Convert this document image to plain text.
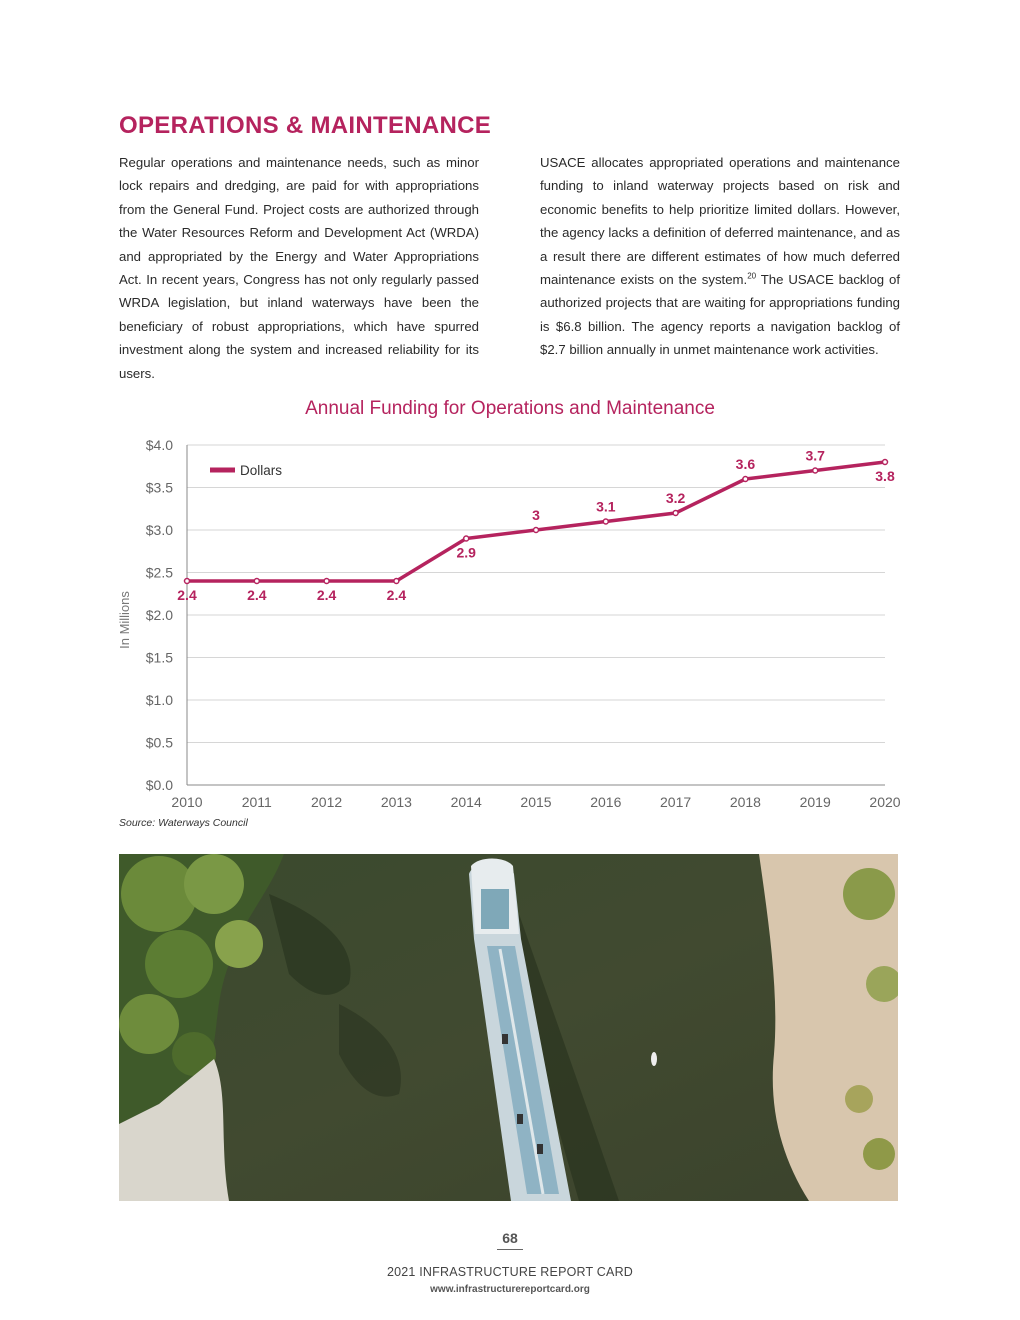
OPERATIONS & MAINTENANCE

Regular operations and maintenance needs, such as minor lock repairs and dredging, are paid for with appropriations from the General Fund. Project costs are authorized through the Water Resources Reform and Development Act (WRDA) and appropriated by the Energy and Water Appropriations Act. In recent years, Congress has not only regularly passed WRDA legislation, but inland waterways have been the beneficiary of robust appropriations, which have spurred investment along the system and increased reliability for its users.

USACE allocates appropriated operations and maintenance funding to inland waterway projects based on risk and economic benefits to help prioritize limited dollars. However, the agency lacks a definition of deferred maintenance, and as a result there are different estimates of how much deferred maintenance exists on the system.$^{20}$ The USACE backlog of authorized projects that are waiting for appropriations funding is $6.8 billion. The agency reports a navigation backlog of $2.7 billion annually in unmet maintenance work activities.

Annual Funding for Operations and Maintenance
$0.0
$0.5
$1.0
$1.5
$2.0
$2.5
$3.0
$3.5
$4.0
2010	2011	2012	2013	2014	2015	2016	2017	2018	2019	2020
In Millions	2.4	2.4	2.4	2.4
2.9
3
3.1
3.2
3.6
3.7
3.8
Dollars
Source: Waterways Council
68
2021 INFRASTRUCTURE REPORT CARD
www.infrastructurereportcard.org
